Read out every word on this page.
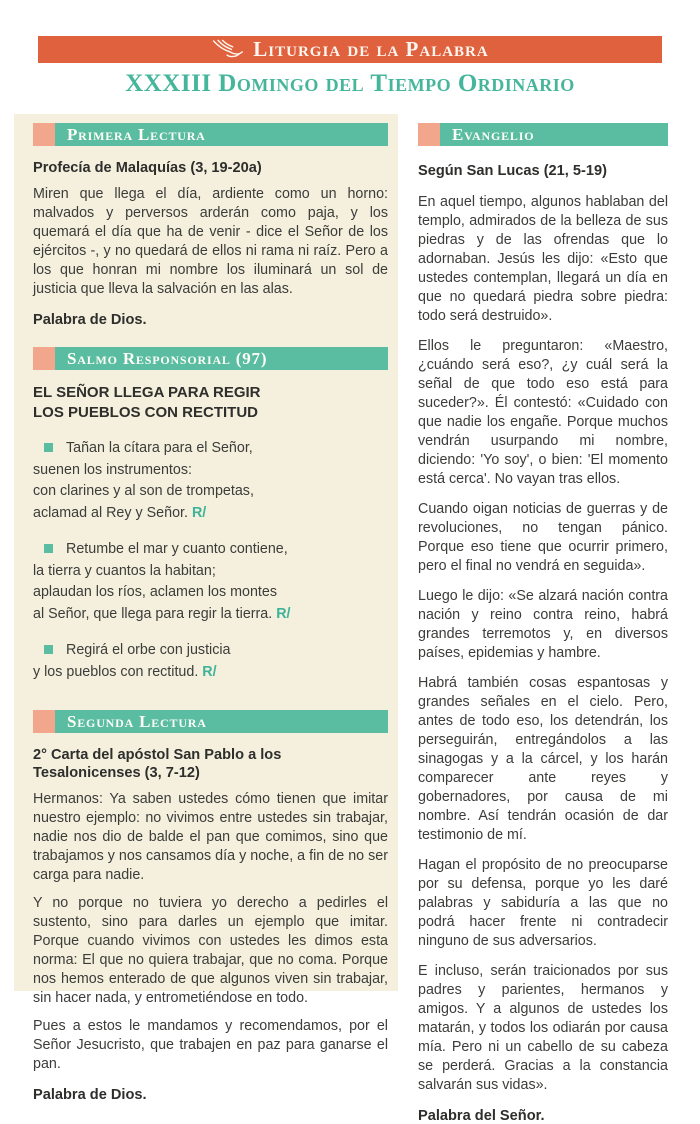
Liturgia de la Palabra
XXXIII Domingo del Tiempo Ordinario
Primera Lectura
Profecía de Malaquías (3, 19-20a)

Miren que llega el día, ardiente como un horno: malvados y perversos arderán como paja, y los quemará el día que ha de venir - dice el Señor de los ejércitos -, y no quedará de ellos ni rama ni raíz. Pero a los que honran mi nombre los iluminará un sol de justicia que lleva la salvación en las alas.

Palabra de Dios.
Salmo Responsorial (97)
EL SEÑOR LLEGA PARA REGIR
LOS PUEBLOS CON RECTITUD
Tañan la cítara para el Señor,
suenen los instrumentos:
con clarines y al son de trompetas,
aclamad al Rey y Señor. R/
Retumbe el mar y cuanto contiene,
la tierra y cuantos la habitan;
aplaudan los ríos, aclamen los montes
al Señor, que llega para regir la tierra. R/
Regirá el orbe con justicia
y los pueblos con rectitud. R/
Segunda Lectura
2° Carta del apóstol San Pablo a los Tesalonicenses (3, 7-12)

Hermanos: Ya saben ustedes cómo tienen que imitar nuestro ejemplo: no vivimos entre ustedes sin trabajar, nadie nos dio de balde el pan que comimos, sino que trabajamos y nos cansamos día y noche, a fin de no ser carga para nadie.

Y no porque no tuviera yo derecho a pedirles el sustento, sino para darles un ejemplo que imitar. Porque cuando vivimos con ustedes les dimos esta norma: El que no quiera trabajar, que no coma. Porque nos hemos enterado de que algunos viven sin trabajar, sin hacer nada, y entrometiéndose en todo.

Pues a estos le mandamos y recomendamos, por el Señor Jesucristo, que trabajen en paz para ganarse el pan.

Palabra de Dios.
Evangelio
Según San Lucas (21, 5-19)

En aquel tiempo, algunos hablaban del templo, admirados de la belleza de sus piedras y de las ofrendas que lo adornaban. Jesús les dijo: «Esto que ustedes contemplan, llegará un día en que no quedará piedra sobre piedra: todo será destruido».

Ellos le preguntaron: «Maestro, ¿cuándo será eso?, ¿y cuál será la señal de que todo eso está para suceder?». Él contestó: «Cuidado con que nadie los engañe. Porque muchos vendrán usurpando mi nombre, diciendo: 'Yo soy', o bien: 'El momento está cerca'. No vayan tras ellos.

Cuando oigan noticias de guerras y de revoluciones, no tengan pánico. Porque eso tiene que ocurrir primero, pero el final no vendrá en seguida».

Luego le dijo: «Se alzará nación contra nación y reino contra reino, habrá grandes terremotos y, en diversos países, epidemias y hambre.

Habrá también cosas espantosas y grandes señales en el cielo. Pero, antes de todo eso, los detendrán, los perseguirán, entregándolos a las sinagogas y a la cárcel, y los harán comparecer ante reyes y gobernadores, por causa de mi nombre. Así tendrán ocasión de dar testimonio de mí.

Hagan el propósito de no preocuparse por su defensa, porque yo les daré palabras y sabiduría a las que no podrá hacer frente ni contradecir ninguno de sus adversarios.

E incluso, serán traicionados por sus padres y parientes, hermanos y amigos. Y a algunos de ustedes los matarán, y todos los odiarán por causa mía. Pero ni un cabello de su cabeza se perderá. Gracias a la constancia salvarán sus vidas».

Palabra del Señor.
